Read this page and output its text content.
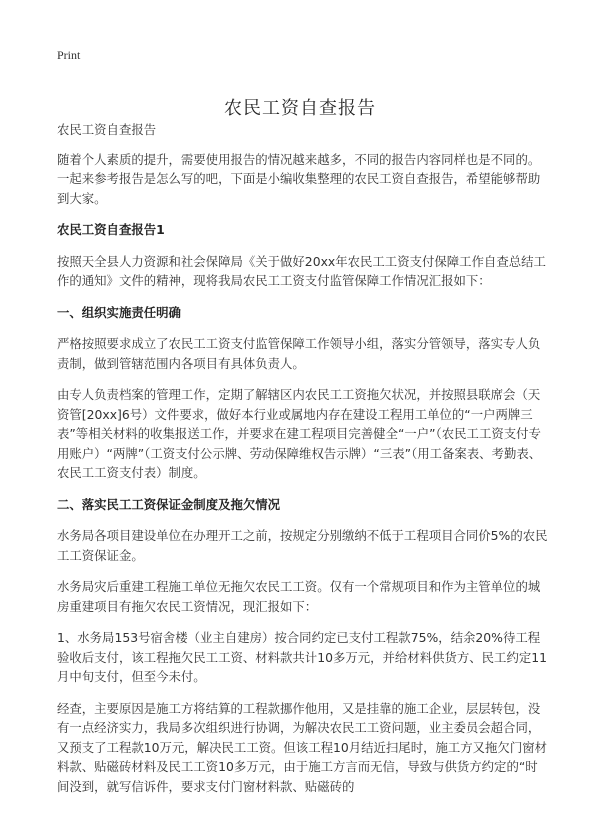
Print
农民工资自查报告

农民工资自查报告

随着个人素质的提升，需要使用报告的情况越来越多，不同的报告内容同样也是不同的。一起来参考报告是怎么写的吧，下面是小编收集整理的农民工资自查报告，希望能够帮助到大家。

农民工资自查报告1

按照天全县人力资源和社会保障局《关于做好20xx年农民工工资支付保障工作自查总结工作的通知》文件的精神，现将我局农民工工资支付监管保障工作情况汇报如下：

一、组织实施责任明确

严格按照要求成立了农民工工资支付监管保障工作领导小组，落实分管领导，落实专人负责制，做到管辖范围内各项目有具体负责人。

由专人负责档案的管理工作，定期了解辖区内农民工工资拖欠状况，并按照县联席会（天资管[20xx]6号）文件要求，做好本行业或属地内存在建设工程用工单位的“一户两牌三表”等相关材料的收集报送工作，并要求在建工程项目完善健全“一户”（农民工工资支付专用账户）“两牌”（工资支付公示牌、劳动保障维权告示牌）“三表”（用工备案表、考勤表、农民工工资支付表）制度。

二、落实民工工资保证金制度及拖欠情况

水务局各项目建设单位在办理开工之前，按规定分别缴纳不低于工程项目合同价5%的农民工工资保证金。

水务局灾后重建工程施工单位无拖欠农民工工资。仅有一个常规项目和作为主管单位的城房重建项目有拖欠农民工资情况，现汇报如下：

1、水务局153号宿舍楼（业主自建房）按合同约定已支付工程款75%，结余20%待工程验收后支付，该工程拖欠民工工资、材料款共计10多万元，并给材料供货方、民工约定11月中旬支付，但至今未付。

经查，主要原因是施工方将结算的工程款挪作他用，又是挂靠的施工企业，层层转包，没有一点经济实力，我局多次组织进行协调，为解决农民工工资问题，业主委员会超合同，又预支了工程款10万元，解决民工工资。但该工程10月结近扫尾时，施工方又拖欠门窗材料款、贴磁砖材料及民工工资10多万元，由于施工方言而无信，导致与供货方约定的“时间没到，就写信诉件，要求支付门窗材料款、贴磁砖的
